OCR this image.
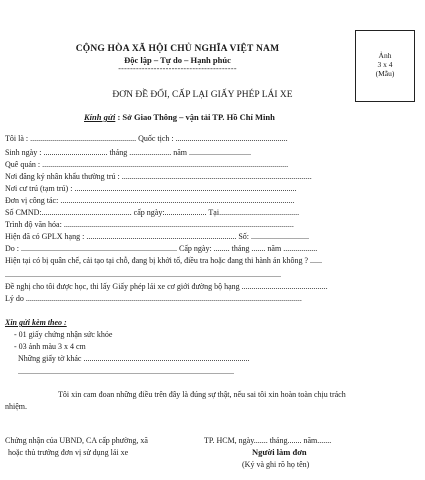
Ảnh
3 x 4
(Mẫu)
CỘNG HÒA XÃ HỘI CHỦ NGHĨA VIỆT NAM
Độc lập – Tự do – Hạnh phúc
----------------------------------------
ĐƠN ĐỀ ĐỔI, CẤP LẠI GIẤY PHÉP LÁI XE
Kính gửi : Sở Giao Thông – vận tải TP. Hồ Chí Minh
Tôi là : ..................................................... Quốc tịch : ........................................................
Sinh ngày : ................................ tháng ..................... năm ...............................
Quê quán : ...........................................................................................................................
Nơi đăng ký nhân khẩu thường trú : ...............................................................................................
Nơi cư trú (tạm trú) : ...............................................................................................................
Đơn vị công tác: .....................................................................................................................
Số CMND:............................................. cấp ngày:..................... Tại........................................
Trình độ văn hóa: ...................................................................................................................
Hiện đã có GPLX hạng : ........................................................................... Số: .............................
Do : .............................................................................. Cấp ngày: ........ tháng ....... năm .................
Hiện tại có bị quân chế, cải tạo tại chỗ, đang bị khởi tố, điều tra hoặc đang thi hành án không ? ......
..........................................................................................................................................
Đề nghị cho tôi được học, thi lấy Giấy phép lái xe cơ giới đường bộ hạng ...........................................
Lý do ..........................................................................................................................................
Xin gửi kèm theo :
- 01 giấy chứng nhận sức khỏe
- 03 ảnh màu 3 x 4 cm
Những giấy tờ khác ...................................................................................
............................................................................................................
Tôi xin cam đoan những điều trên đây là đúng sự thật, nếu sai tôi xin hoàn toàn chịu trách
nhiệm.
Chứng nhận của UBND, CA cấp phường, xã
hoặc thủ trưởng đơn vị sử dụng lái xe
TP. HCM, ngày....... tháng....... năm.......
Người làm đơn
(Ký và ghi rõ họ tên)
